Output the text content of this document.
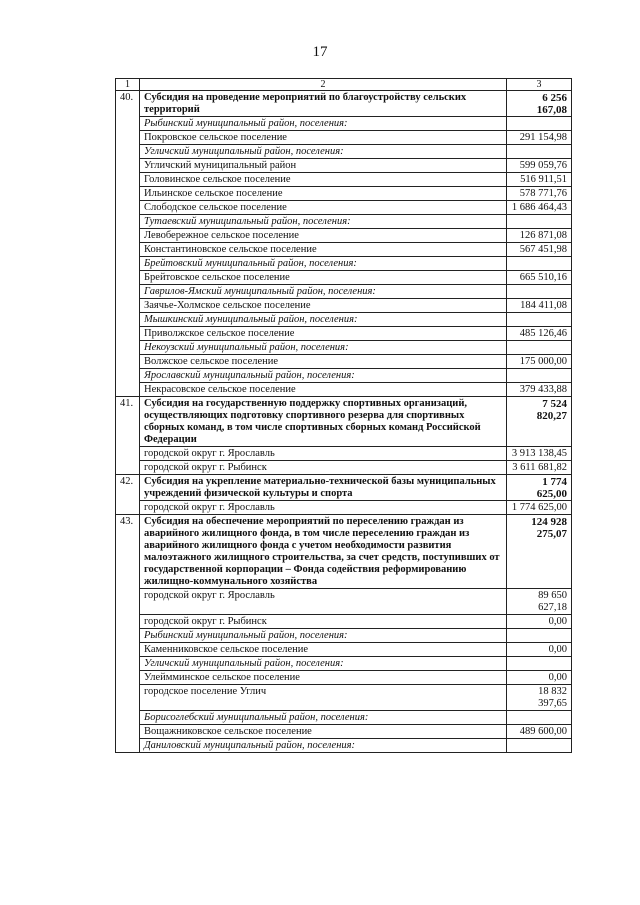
17
1	2	3
40.	Субсидия на проведение мероприятий по благоустройству сельских территорий	6 256 167,08
	Рыбинский муниципальный район, поселения:	
	Покровское сельское поселение	291 154,98
	Угличский муниципальный район, поселения:	
	Угличский муниципальный район	599 059,76
	Головинское сельское поселение	516 911,51
	Ильинское сельское поселение	578 771,76
	Слободское сельское поселение	1 686 464,43
	Тутаевский муниципальный район, поселения:	
	Левобережное сельское поселение	126 871,08
	Константиновское сельское поселение	567 451,98
	Брейтовский муниципальный район, поселения:	
	Брейтовское сельское поселение	665 510,16
	Гаврилов-Ямский муниципальный район, поселения:	
	Заячье-Холмское сельское поселение	184 411,08
	Мышкинский муниципальный район, поселения:	
	Приволжское сельское поселение	485 126,46
	Некоузский муниципальный район, поселения:	
	Волжское сельское поселение	175 000,00
	Ярославский муниципальный район, поселения:	
	Некрасовское сельское поселение	379 433,88
41.	Субсидия на государственную поддержку спортивных организаций, осуществляющих подготовку спортивного резерва для спортивных сборных команд, в том числе спортивных сборных команд Российской Федерации	7 524 820,27
	городской округ г. Ярославль	3 913 138,45
	городской округ г. Рыбинск	3 611 681,82
42.	Субсидия на укрепление материально-технической базы муниципальных учреждений физической культуры и спорта	1 774 625,00
	городской округ г. Ярославль	1 774 625,00
43.	Субсидия на обеспечение мероприятий по переселению граждан из аварийного жилищного фонда, в том числе переселению граждан из аварийного жилищного фонда с учетом необходимости развития малоэтажного жилищного строительства, за счет средств, поступивших от государственной корпорации – Фонда содействия реформированию жилищно-коммунального хозяйства	124 928 275,07
	городской округ г. Ярославль	89 650 627,18
	городской округ г. Рыбинск	0,00
	Рыбинский муниципальный район, поселения:	
	Каменниковское сельское поселение	0,00
	Угличский муниципальный район, поселения:	
	Улеймминское сельское поселение	0,00
	городское поселение Углич	18 832 397,65
	Борисоглебский муниципальный район, поселения:	
	Вощажниковское сельское поселение	489 600,00
	Даниловский муниципальный район, поселения:	
